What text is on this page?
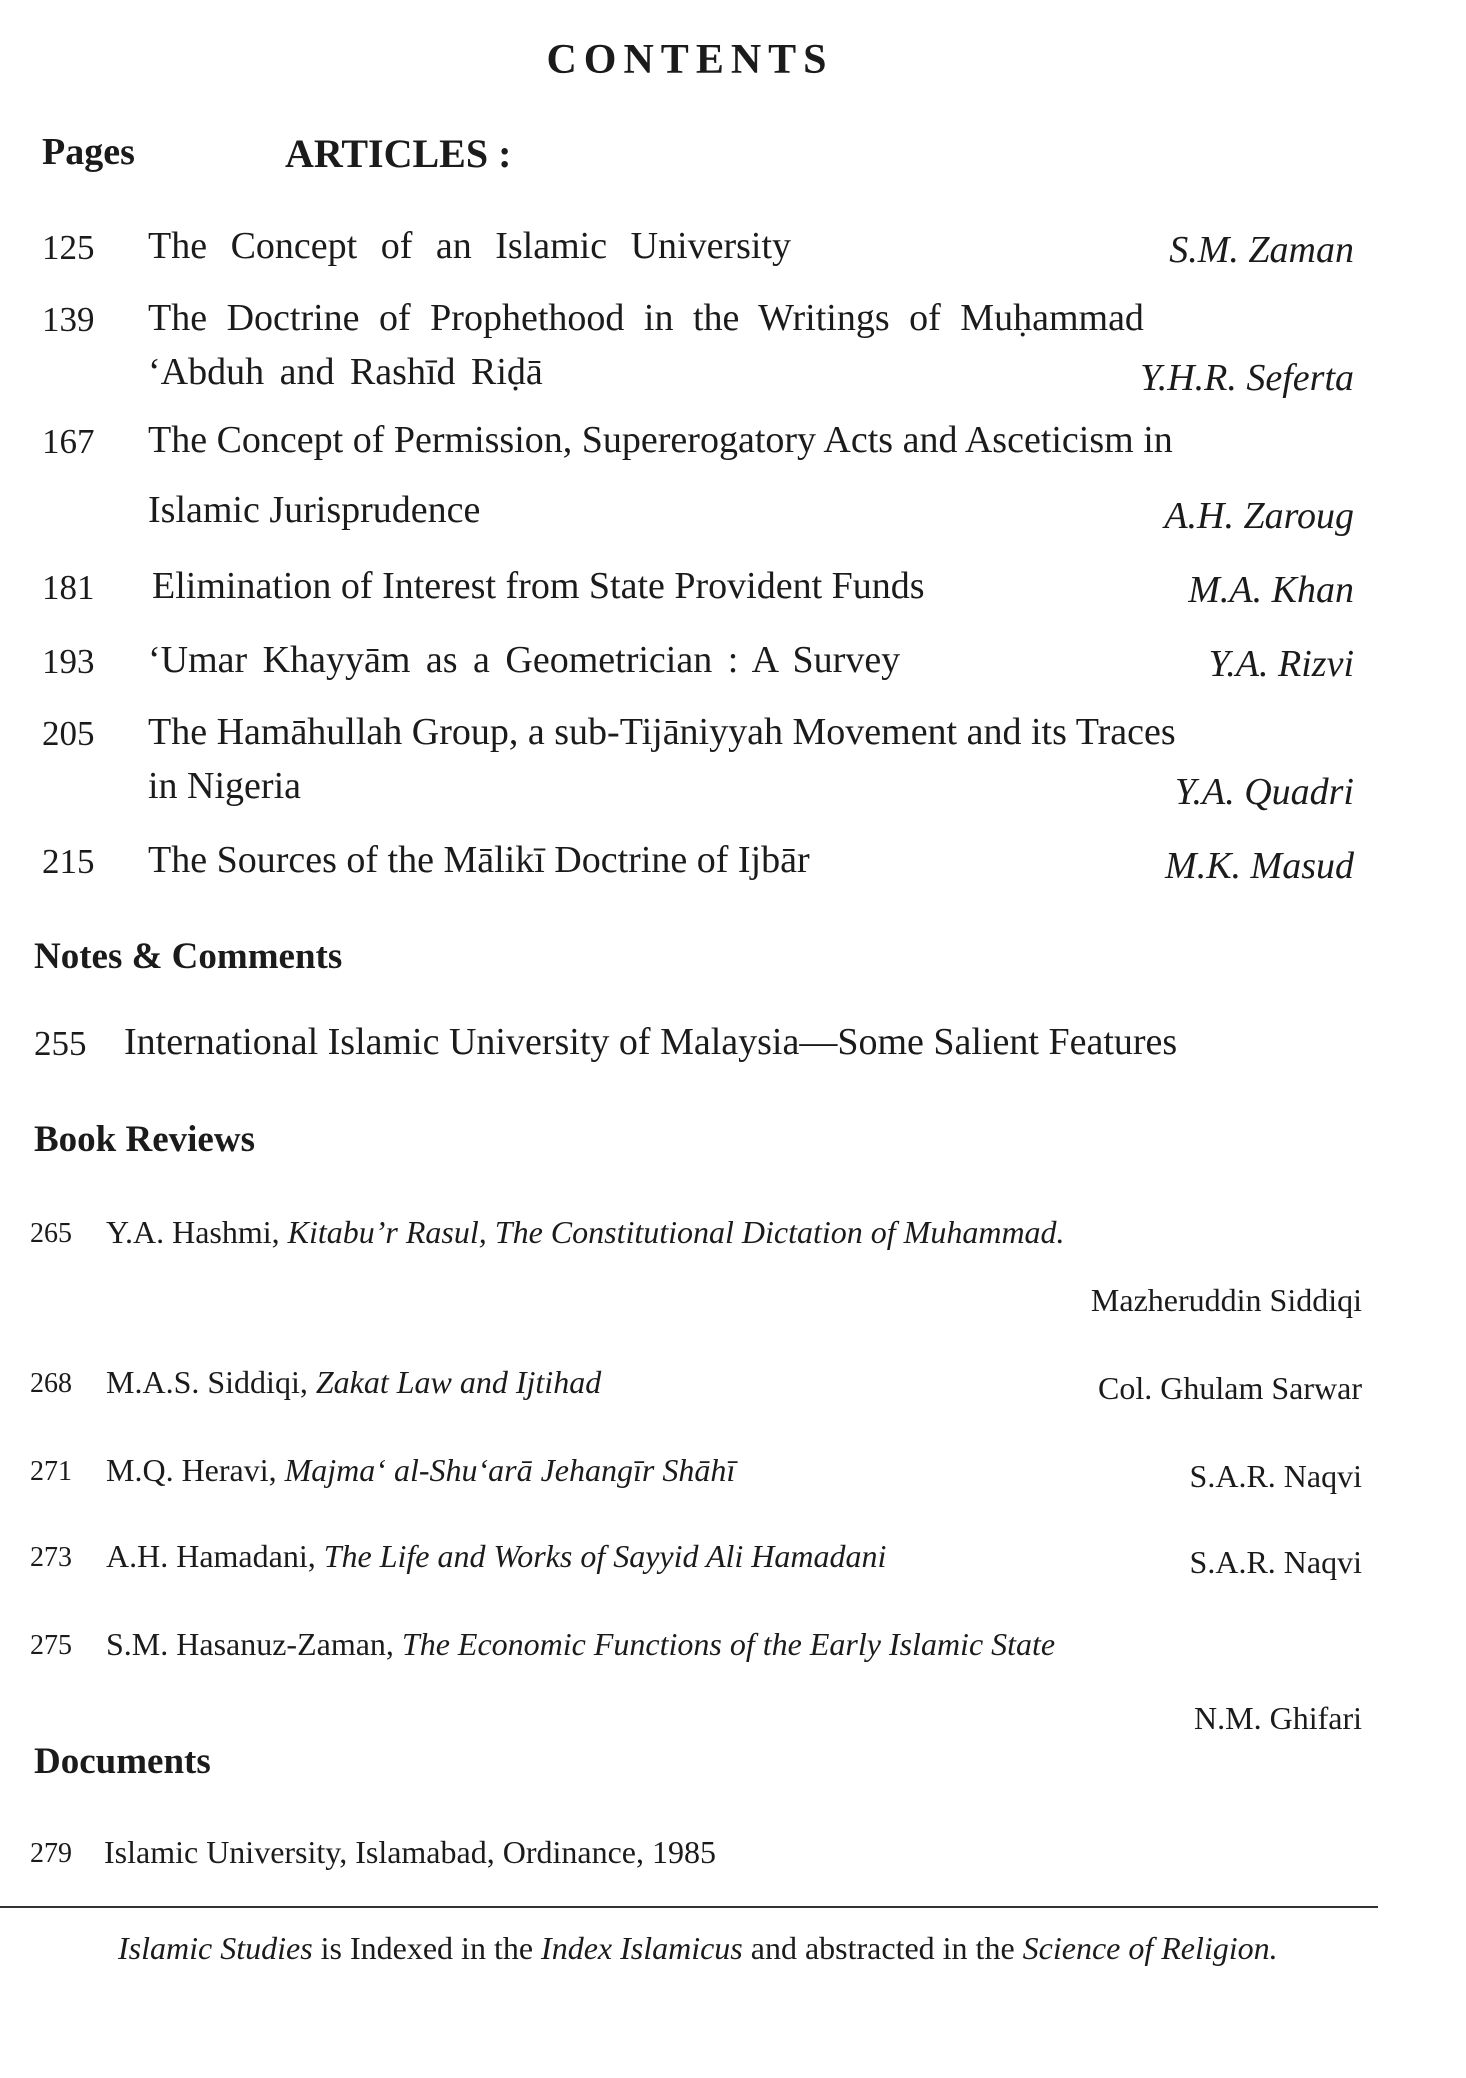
CONTENTS
Pages	ARTICLES :
125 The Concept of an Islamic University	S.M. Zaman
139 The Doctrine of Prophethood in the Writings of Muḥammad
‘Abduh and Rashīd Riḍā	Y.H.R. Seferta
167 The Concept of Permission, Supererogatory Acts and Asceticism in
Islamic Jurisprudence	A.H. Zaroug
181 Elimination of Interest from State Provident Funds	M.A. Khan
193 ‘Umar Khayyām as a Geometrician : A Survey	Y.A. Rizvi
205 The Hamāhullah Group, a sub-Tijāniyyah Movement and its Traces
in Nigeria	Y.A. Quadri
215 The Sources of the Mālikī Doctrine of Ijbār	M.K. Masud
Notes & Comments
255 International Islamic University of Malaysia—Some Salient Features
Book Reviews
265 Y.A. Hashmi, Kitabu’r Rasul, The Constitutional Dictation of Muhammad.
Mazheruddin Siddiqi
268 M.A.S. Siddiqi, Zakat Law and Ijtihad	Col. Ghulam Sarwar
271 M.Q. Heravi, Majma‘ al-Shu‘arā Jehangīr Shāhī	S.A.R. Naqvi
273 A.H. Hamadani, The Life and Works of Sayyid Ali Hamadani	S.A.R. Naqvi
275 S.M. Hasanuz-Zaman, The Economic Functions of the Early Islamic State
N.M. Ghifari
Documents
279 Islamic University, Islamabad, Ordinance, 1985
Islamic Studies is Indexed in the Index Islamicus and abstracted in the Science of Religion.
